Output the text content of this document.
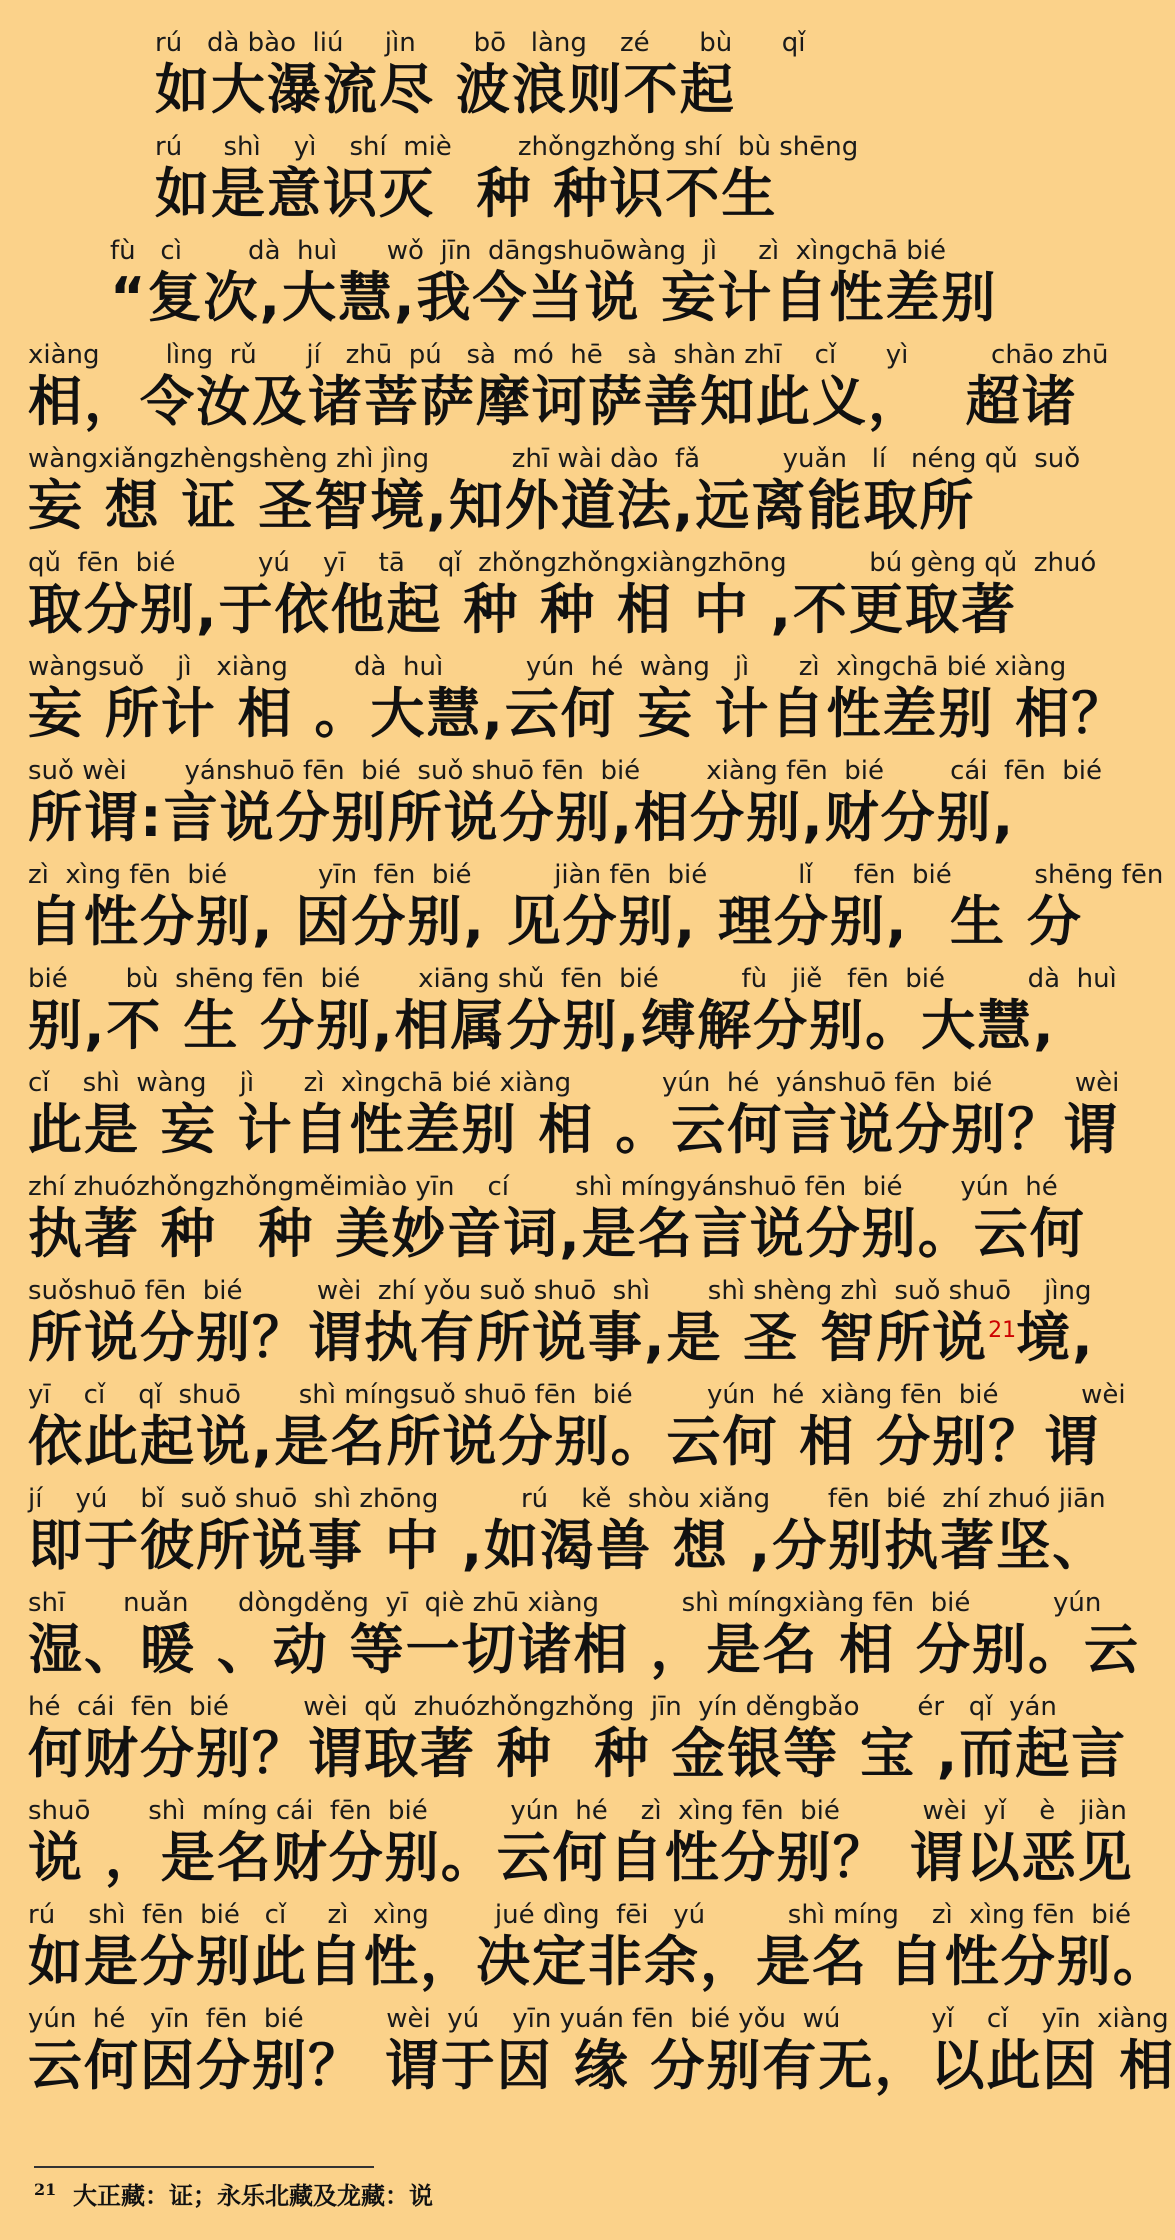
rú   dà bào  liú     jìn       bō   làng    zé      bù      qǐ
如大瀑流尽 波浪则不起
rú     shì    yì    shí  miè        zhǒngzhǒng shí  bù shēng
如是意识灭  种 种识不生
fù   cì        dà  huì      wǒ  jīn  dāngshuōwàng  jì     zì  xìngchā bié
“复次,大慧,我今当说 妄计自性差别
xiàng        lìng  rǔ      jí   zhū  pú   sà  mó  hē   sà  shàn zhī    cǐ      yì          chāo zhū
相，令汝及诸菩萨摩诃萨善知此义，  超诸
wàngxiǎngzhèngshèng zhì jìng          zhī wài dào  fǎ          yuǎn   lí   néng qǔ  suǒ
妄 想 证 圣智境,知外道法,远离能取所
qǔ  fēn  bié          yú    yī    tā    qǐ  zhǒngzhǒngxiàngzhōng          bú gèng qǔ  zhuó
取分别,于依他起 种 种 相 中 ,不更取著
wàngsuǒ    jì   xiàng        dà  huì          yún  hé  wàng   jì      zì  xìngchā bié xiàng
妄 所计 相 。大慧,云何 妄 计自性差别 相？
suǒ wèi       yánshuō fēn  bié  suǒ shuō fēn  bié        xiàng fēn  bié        cái  fēn  bié
所谓:言说分别所说分别,相分别,财分别,
zì  xìng fēn  bié           yīn  fēn  bié          jiàn fēn  bié           lǐ     fēn  bié          shēng fēn
自性分别, 因分别, 见分别, 理分别,  生 分
bié       bù  shēng fēn  bié       xiāng shǔ  fēn  bié          fù   jiě   fēn  bié          dà  huì
别,不 生 分别,相属分别,缚解分别。大慧,
cǐ    shì  wàng    jì      zì  xìngchā bié xiàng           yún  hé  yánshuō fēn  bié          wèi
此是 妄 计自性差别 相 。云何言说分别？谓
zhí zhuózhǒngzhǒngměimiào yīn    cí        shì míngyánshuō fēn  bié       yún  hé
执著 种  种 美妙音词,是名言说分别。云何
suǒshuō fēn  bié         wèi  zhí yǒu suǒ shuō  shì       shì shèng zhì  suǒ shuō    jìng
所说分别？谓执有所说事,是 圣 智所说$^{21}$境,
yī    cǐ    qǐ  shuō       shì míngsuǒ shuō fēn  bié         yún  hé  xiàng fēn  bié          wèi
依此起说,是名所说分别。云何 相 分别？谓
jí    yú    bǐ  suǒ shuō  shì zhōng          rú    kě  shòu xiǎng       fēn  bié  zhí zhuó jiān
即于彼所说事 中 ,如渴兽 想 ,分别执著坚、
shī       nuǎn      dòngděng  yī  qiè zhū xiàng          shì míngxiàng fēn  bié          yún
湿、暖 、动 等一切诸相 ，是名 相 分别。云
hé  cái  fēn  bié         wèi  qǔ  zhuózhǒngzhǒng  jīn  yín děngbǎo       ér   qǐ  yán
何财分别？谓取著 种  种 金银等 宝 ,而起言
shuō       shì  míng cái  fēn  bié          yún  hé    zì  xìng fēn  bié          wèi  yǐ    è   jiàn
说 ，是名财分别。云何自性分别？ 谓以恶见
rú    shì  fēn  bié   cǐ     zì   xìng        jué dìng  fēi   yú          shì míng    zì  xìng fēn  bié
如是分别此自性，决定非余，是名 自性分别。
yún  hé   yīn  fēn  bié          wèi  yú    yīn yuán fēn  bié yǒu  wú           yǐ    cǐ    yīn  xiàng
云何因分别？ 谓于因 缘 分别有无，以此因 相
$^{21}$ 大正藏：证；永乐北藏及龙藏：说
